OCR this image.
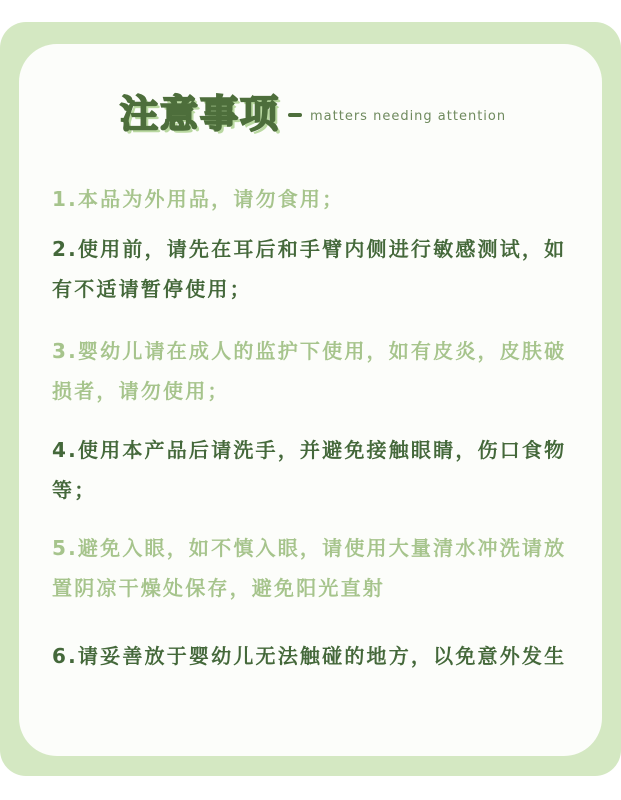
注意事项 matters needing attention

1.本品为外用品，请勿食用；

2.使用前，请先在耳后和手臂内侧进行敏感测试，如有不适请暂停使用；

3.婴幼儿请在成人的监护下使用，如有皮炎，皮肤破损者，请勿使用；

4.使用本产品后请洗手，并避免接触眼睛，伤口食物等；

5.避免入眼，如不慎入眼，请使用大量清水冲洗请放置阴凉干燥处保存，避免阳光直射

6.请妥善放于婴幼儿无法触碰的地方，以免意外发生
